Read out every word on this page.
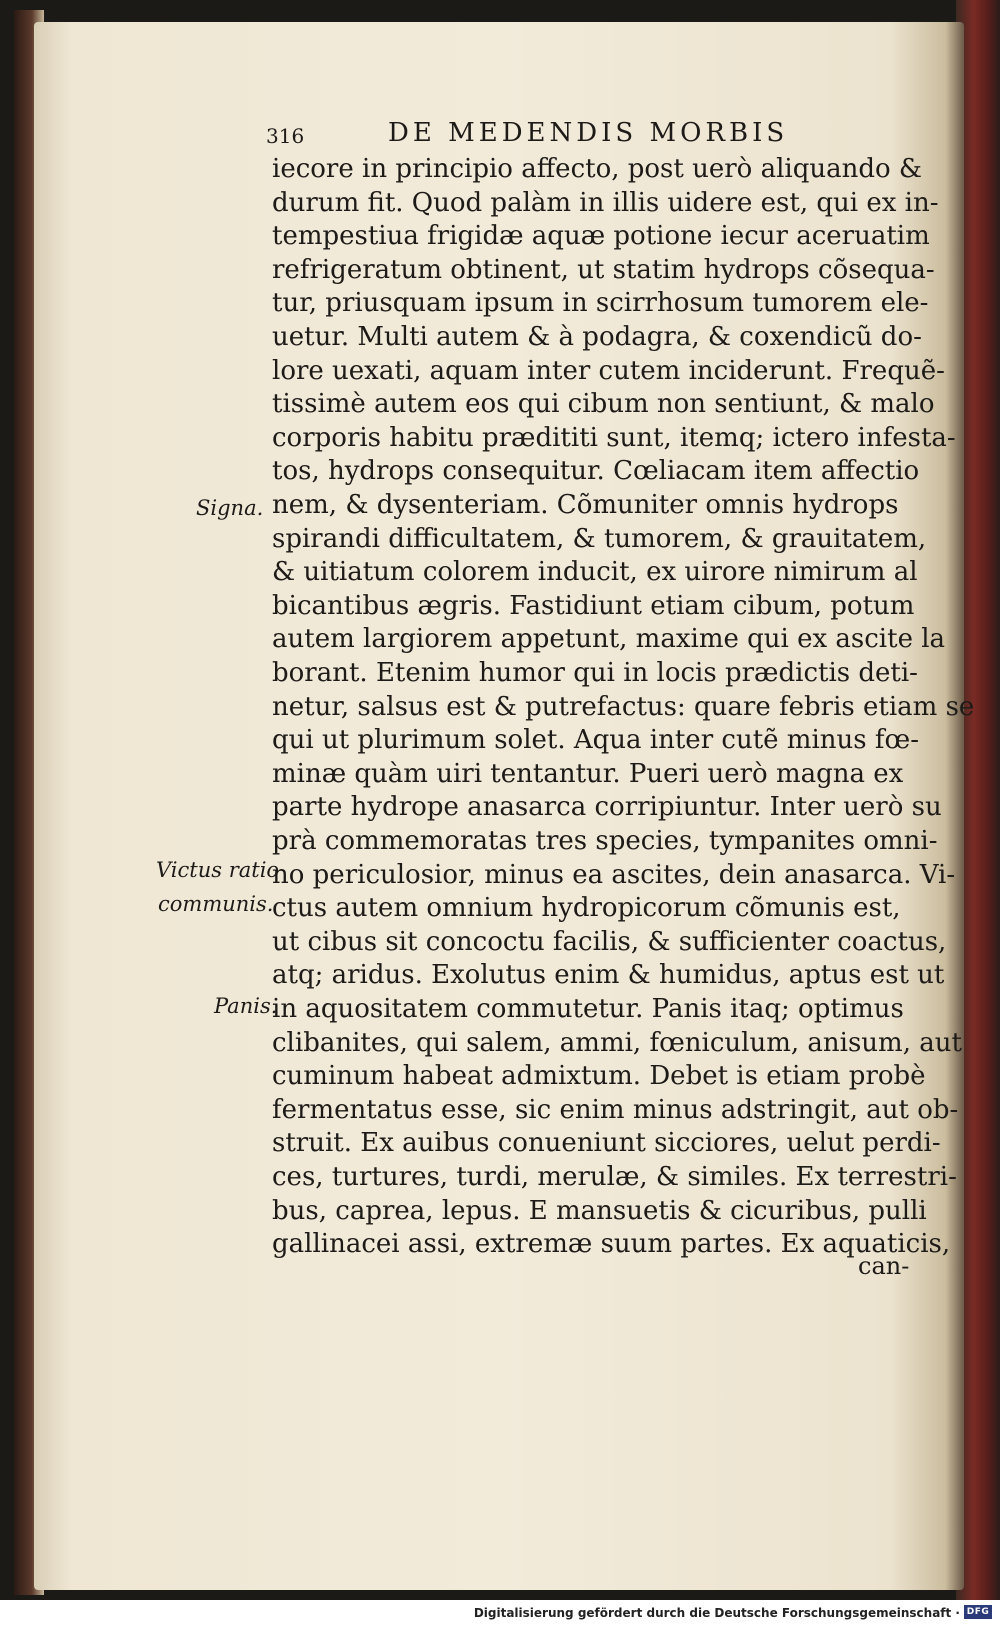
316	DE MEDENDIS MORBIS
iecore in principio affecto, post uerò aliquando &
durum fit. Quod palàm in illis uidere est, qui ex in-
tempestiua frigidæ aquæ potione iecur aceruatim
refrigeratum obtinent, ut statim hydrops cõsequa-
tur, priusquam ipsum in scirrhosum tumorem ele-
uetur. Multi autem & à podagra, & coxendicũ do-
lore uexati, aquam inter cutem inciderunt. Frequẽ-
tissimè autem eos qui cibum non sentiunt, & malo
corporis habitu prædititi sunt, itemq; ictero infesta-
tos, hydrops consequitur. Cœliacam item affectio
nem, & dysenteriam. Cõmuniter omnis hydrops
spirandi difficultatem, & tumorem, & grauitatem,
& uitiatum colorem inducit, ex uirore nimirum al
bicantibus ægris. Fastidiunt etiam cibum, potum
autem largiorem appetunt, maxime qui ex ascite la
borant. Etenim humor qui in locis prædictis deti-
netur, salsus est & putrefactus: quare febris etiam se
qui ut plurimum solet. Aqua inter cutẽ minus fœ-
minæ quàm uiri tentantur. Pueri uerò magna ex
parte hydrope anasarca corripiuntur. Inter uerò su
prà commemoratas tres species, tympanites omni-
no periculosior, minus ea ascites, dein anasarca. Vi-
ctus autem omnium hydropicorum cõmunis est,
ut cibus sit concoctu facilis, & sufficienter coactus,
atq; aridus. Exolutus enim & humidus, aptus est ut
in aquositatem commutetur. Panis itaq; optimus
clibanites, qui salem, ammi, fœniculum, anisum, aut
cuminum habeat admixtum. Debet is etiam probè
fermentatus esse, sic enim minus adstringit, aut ob-
struit. Ex auibus conueniunt sicciores, uelut perdi-
ces, turtures, turdi, merulæ, & similes. Ex terrestri-
bus, caprea, lepus. E mansuetis & cicuribus, pulli
gallinacei assi, extremæ suum partes. Ex aquaticis,
Signa.
Victus ratio
communis.
Panis.
can-
Digitalisierung gefördert durch die Deutsche Forschungsgemeinschaft · DFG
